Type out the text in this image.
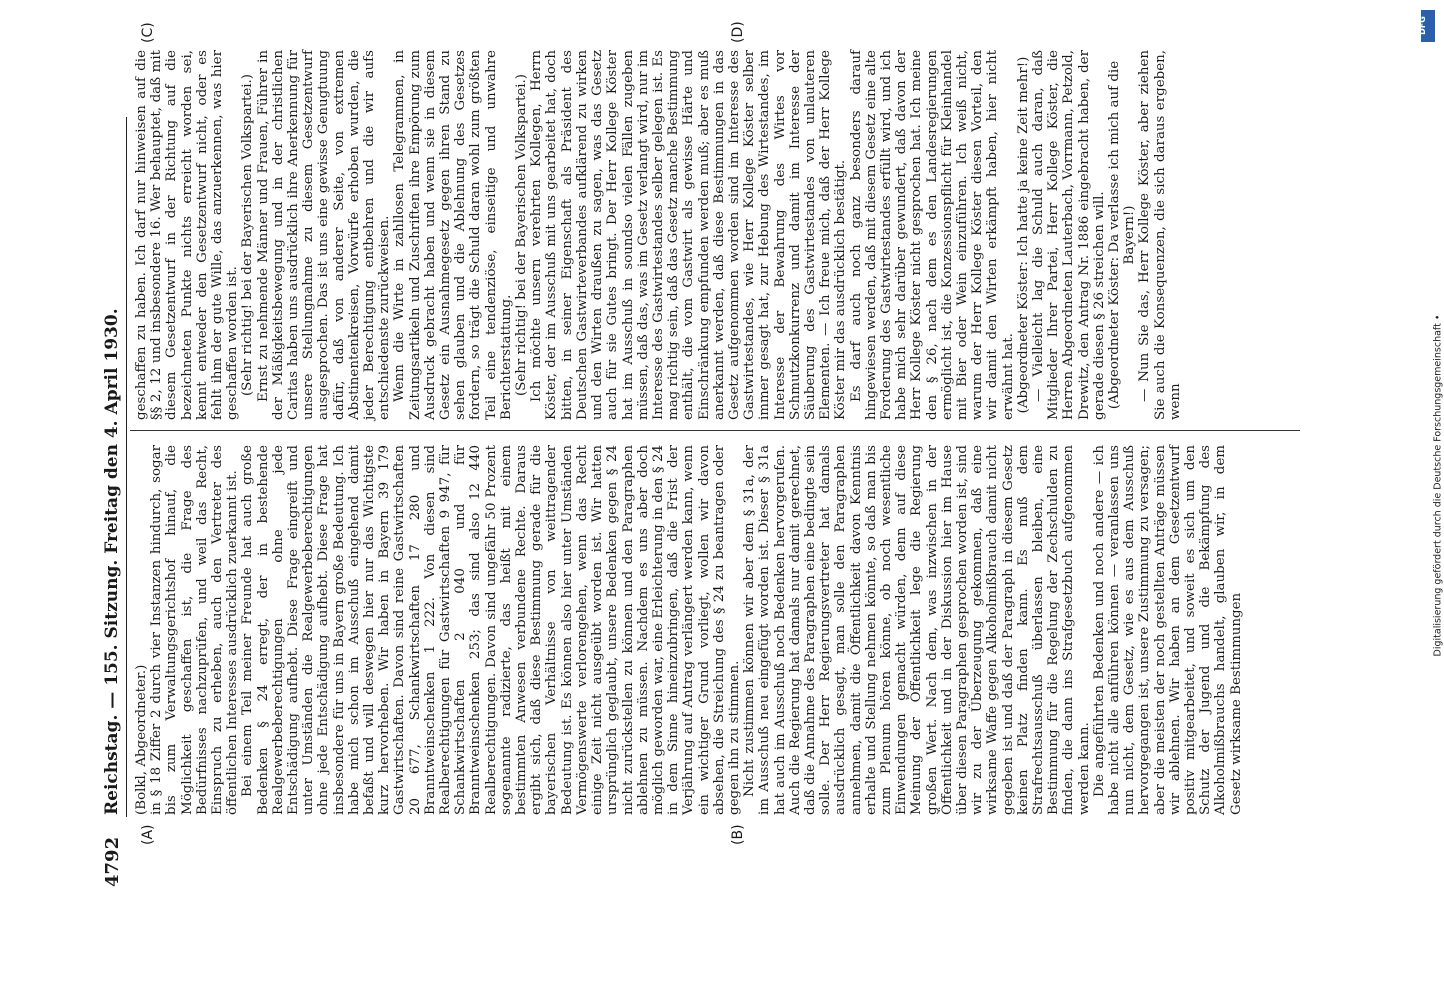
4792
Reichstag. — 155. Sitzung. Freitag den 4. April 1930. (Bolkl, Abgeordneter.) in § 18 Ziffer 2 durch vier Instanzen hindurch, sogar bis zum Verwaltungsgerichtshof hinauf, die Möglichkeit geschaffen ist, die Frage des Bedürfnisses nachzuprüfen, und weil das Recht, Einspruch zu erheben, auch den Vertreter des öffentlichen Interesses ausdrücklich zuerkannt ist. Bei einem Teil meiner Freunde hat auch große Bedenken § 24 erregt, der in bestehende Realgewerbeberechtigungen ohne jede Entschädigung aufhebt. Diese Frage eingreift und unter Umständen die Realgewerbeberechtigungen ohne jede Entschädigung aufhebt. Diese Frage hat insbesondere für uns in Bayern große Bedeutung. Ich habe mich schon im Ausschuß eingehend damit befaßt und will deswegen hier nur das Wichtigste kurz hervorheben. Wir haben in Bayern 39 179 Gastwirtschaften. Davon sind reine Gastwirtschaften 20 677, Schankwirtschaften 17 280 und Branntweinschenken 1 222. Von diesen sind Realberechtigungen für Gastwirtschaften 9 947, für Schankwirtschaften 2 040 und für Branntweinschenken 253; das sind also 12 440 Realberechtigungen. Davon sind ungefähr 50 Prozent sogenannte radizierte, das heißt mit einem bestimmten Anwesen verbundene Rechte. Daraus ergibt sich, daß diese Bestimmung gerade für die bayerischen Verhältnisse von weittragender Bedeutung ist. Es können also hier unter Umständen Vermögenswerte verlorengehen, wenn das Recht einige Zeit nicht ausgeübt worden ist. Wir hatten ursprünglich geglaubt, unsere Bedenken gegen § 24 nicht zurückstellen zu können und den Paragraphen ablehnen zu müssen. Nachdem es uns aber doch möglich geworden war, eine Erleichterung in den § 24 in dem Sinne hineinzubringen, daß die Frist der Verjährung auf Antrag verlängert werden kann, wenn ein wichtiger Grund vorliegt, wollen wir davon absehen, die Streichung des § 24 zu beantragen oder gegen ihn zu stimmen. Nicht zustimmen können wir aber dem § 31a, der im Ausschuß neu eingefügt worden ist. Dieser § 31a hat auch im Ausschuß noch Bedenken hervorgerufen. Auch die Regierung hat damals nur damit gerechnet, daß die Annahme des Paragraphen eine bedingte sein solle. Der Herr Regierungsvertreter hat damals ausdrücklich gesagt, man solle den Paragraphen annehmen, damit die Öffentlichkeit davon Kenntnis erhalte und Stellung nehmen könnte, so daß man bis zum Plenum hören könne, ob noch wesentliche Einwendungen gemacht würden, denn auf diese Meinung der Öffentlichkeit lege die Regierung großen Wert. Nach dem, was inzwischen in der Öffentlichkeit und in der Diskussion hier im Hause über diesen Paragraphen gesprochen worden ist, sind wir zu der Überzeugung gekommen, daß eine wirksame Waffe gegen Alkoholmißbrauch damit nicht gegeben ist und daß der Paragraph in diesem Gesetz keinen Platz finden kann. Es muß dem Strafrechtsausschuß überlassen bleiben, eine Bestimmung für die Regelung der Zechschulden zu finden, die dann ins Strafgesetzbuch aufgenommen werden kann. Die angeführten Bedenken und noch andere — ich habe nicht alle anführen können — veranlassen uns nun nicht, dem Gesetz, wie es aus dem Ausschuß hervorgegangen ist, unsere Zustimmung zu versagen; aber die meisten der noch gestellten Anträge müssen wir ablehnen. Wir haben an dem Gesetzentwurf positiv mitgearbeitet, und soweit es sich um den Schutz der Jugend und die Bekämpfung des Alkoholmißbrauchs handelt, glauben wir, in dem Gesetz wirksame Bestimmungen

geschaffen zu haben. Ich darf nur hinweisen auf die §§ 2, 12 und insbesondere 16. Wer behauptet, daß mit diesem Gesetzentwurf in der Richtung auf die bezeichneten Punkte nichts erreicht worden sei, kennt entweder den Gesetzentwurf nicht, oder es fehlt ihm der gute Wille, das anzuerkennen, was hier geschaffen worden ist. (Sehr richtig! bei der Bayerischen Volkspartei.) Ernst zu nehmende Männer und Frauen, Führer in der Mäßigkeitsbewegung und in der christlichen Caritas haben uns ausdrücklich ihre Anerkennung für unsere Stellungnahme zu diesem Gesetzentwurf ausgesprochen. Das ist uns eine gewisse Genugtuung dafür, daß von anderer Seite, von extremen Abstinentenkreisen, Vorwürfe erhoben wurden, die jeder Berechtigung entbehren und die wir aufs entschiedenste zurückweisen. Wenn die Wirte in zahllosen Telegrammen, in Zeitungsartikeln und Zuschriften ihre Empörung zum Ausdruck gebracht haben und wenn sie in diesem Gesetz ein Ausnahmegesetz gegen ihren Stand zu sehen glauben und die Ablehnung des Gesetzes fordern, so trägt die Schuld daran wohl zum größten Teil eine tendenziöse, einseitige und unwahre Berichterstattung. (Sehr richtig! bei der Bayerischen Volkspartei.) Ich möchte unsern verehrten Kollegen, Herrn Köster, der im Ausschuß mit uns gearbeitet hat, doch bitten, in seiner Eigenschaft als Präsident des Deutschen Gastwirteverbandes aufklärend zu wirken und den Wirten draußen zu sagen, was das Gesetz auch für sie Gutes bringt. Der Herr Kollege Köster hat im Ausschuß in soundso vielen Fällen zugeben müssen, daß das, was im Gesetz verlangt wird, nur im Interesse des Gastwirtestandes selber gelegen ist. Es mag richtig sein, daß das Gesetz manche Bestimmung enthält, die vom Gastwirt als gewisse Härte und Einschränkung empfunden werden muß; aber es muß anerkannt werden, daß diese Bestimmungen in das Gesetz aufgenommen worden sind im Interesse des Gastwirtestandes, wie Herr Kollege Köster selber immer gesagt hat, zur Hebung des Wirtestandes, im Interesse der Bewahrung des Wirtes vor Schmutzkonkurrenz und damit im Interesse der Säuberung des Gastwirtestandes von unlauteren Elementen. — Ich freue mich, daß der Herr Kollege Köster mir das ausdrücklich bestätigt. Es darf auch noch ganz besonders darauf hingewiesen werden, daß mit diesem Gesetz eine alte Forderung des Gastwirtestandes erfüllt wird, und ich habe mich sehr darüber gewundert, daß davon der Herr Kollege Köster nicht gesprochen hat. Ich meine den § 26, nach dem es den Landesregierungen ermöglicht ist, die Konzessionspflicht für Kleinhandel mit Bier oder Wein einzuführen. Ich weiß nicht, warum der Herr Kollege Köster diesen Vorteil, den wir damit den Wirten erkämpft haben, hier nicht erwähnt hat. (Abgeordneter Köster: Ich hatte ja keine Zeit mehr!) — Vielleicht lag die Schuld auch daran, daß Mitglieder Ihrer Partei, Herr Kollege Köster, die Herren Abgeordneten Lauterbach, Vorrmann, Petzold, Drewitz, den Antrag Nr. 1886 eingebracht haben, der gerade diesen § 26 streichen will. (Abgeordneter Köster: Da verlasse ich mich auf die Bayern!) — Nun Sie das, Herr Kollege Köster, aber ziehen Sie auch die Konsequenzen, die sich daraus ergeben, wenn

(A)	(B)
(C)	(D)	DFG
Digitalisierung gefördert durch die Deutsche Forschungsgemeinschaft •
